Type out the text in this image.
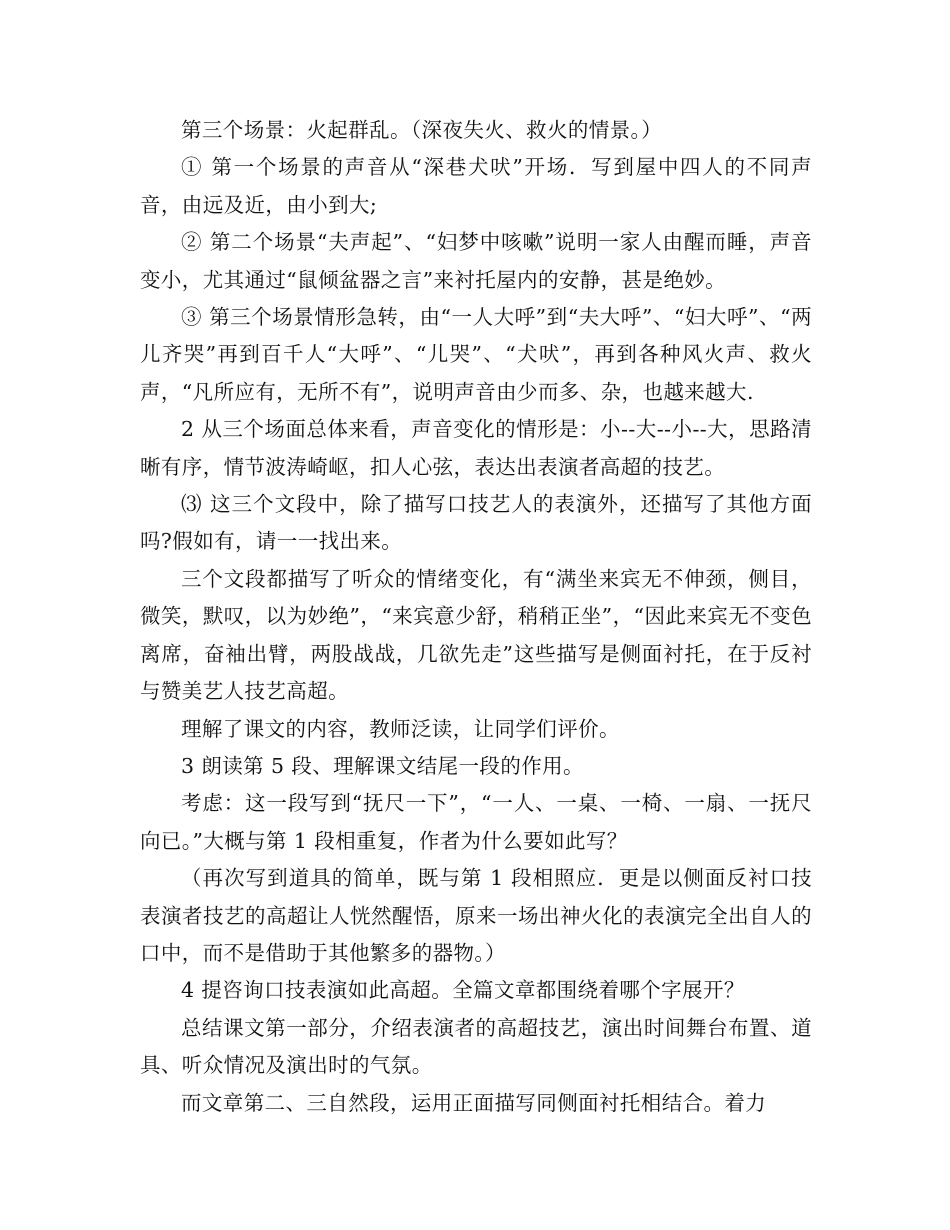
第三个场景：火起群乱。（深夜失火、救火的情景。）

① 第一个场景的声音从“深巷犬吠”开场．写到屋中四人的不同声音，由远及近，由小到大;

② 第二个场景“夫声起”、“妇梦中咳嗽”说明一家人由醒而睡，声音变小，尤其通过“鼠倾盆器之言”来衬托屋内的安静，甚是绝妙。

③ 第三个场景情形急转，由“一人大呼”到“夫大呼”、“妇大呼”、“两儿齐哭”再到百千人“大呼”、“儿哭”、“犬吠”，再到各种风火声、救火声，“凡所应有，无所不有”，说明声音由少而多、杂，也越来越大.

2 从三个场面总体来看，声音变化的情形是：小--大--小--大，思路清晰有序，情节波涛崎岖，扣人心弦，表达出表演者高超的技艺。

⑶ 这三个文段中，除了描写口技艺人的表演外，还描写了其他方面吗?假如有，请一一找出来。

三个文段都描写了听众的情绪变化，有“满坐来宾无不伸颈，侧目，微笑，默叹，以为妙绝”，“来宾意少舒，稍稍正坐”，“因此来宾无不变色离席，奋袖出臂，两股战战，几欲先走”这些描写是侧面衬托，在于反衬与赞美艺人技艺高超。

理解了课文的内容，教师泛读，让同学们评价。

3 朗读第 5 段、理解课文结尾一段的作用。

考虑：这一段写到“抚尺一下”，“一人、一桌、一椅、一扇、一抚尺向已。”大概与第 1 段相重复，作者为什么要如此写？

（再次写到道具的简单，既与第 1 段相照应．更是以侧面反衬口技表演者技艺的高超让人恍然醒悟，原来一场出神火化的表演完全出自人的口中，而不是借助于其他繁多的器物。）

4 提咨询口技表演如此高超。全篇文章都围绕着哪个字展开？

总结课文第一部分，介绍表演者的高超技艺，演出时间舞台布置、道具、听众情况及演出时的气氛。

而文章第二、三自然段，运用正面描写同侧面衬托相结合。着力
